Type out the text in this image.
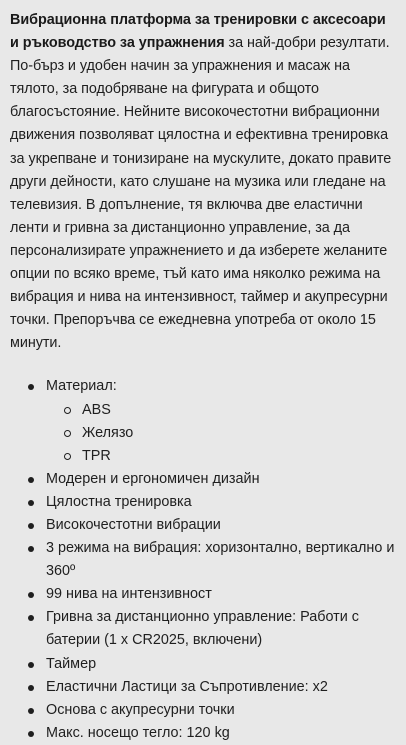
Вибрационна платформа за тренировки с аксесоари и ръководство за упражнения за най-добри резултати. По-бърз и удобен начин за упражнения и масаж на тялото, за подобряване на фигурата и общото благосъстояние. Нейните високочестотни вибрационни движения позволяват цялостна и ефективна тренировка за укрепване и тонизиране на мускулите, докато правите други дейности, като слушане на музика или гледане на телевизия. В допълнение, тя включва две еластични ленти и гривна за дистанционно управление, за да персонализирате упражнението и да изберете желаните опции по всяко време, тъй като има няколко режима на вибрация и нива на интензивност, таймер и акупресурни точки. Препоръчва се ежедневна употреба от около 15 минути.

Материал:
ABS
Желязо
TPR
Модерен и ергономичен дизайн
Цялостна тренировка
Високочестотни вибрации
3 режима на вибрация: хоризонтално, вертикално и 360º
99 нива на интензивност
Гривна за дистанционно управление: Работи с батерии (1 x CR2025, включени)
Таймер
Еластични Ластици за Съпротивление: x2
Основа с акупресурни точки
Макс. носещо тегло: 120 kg
